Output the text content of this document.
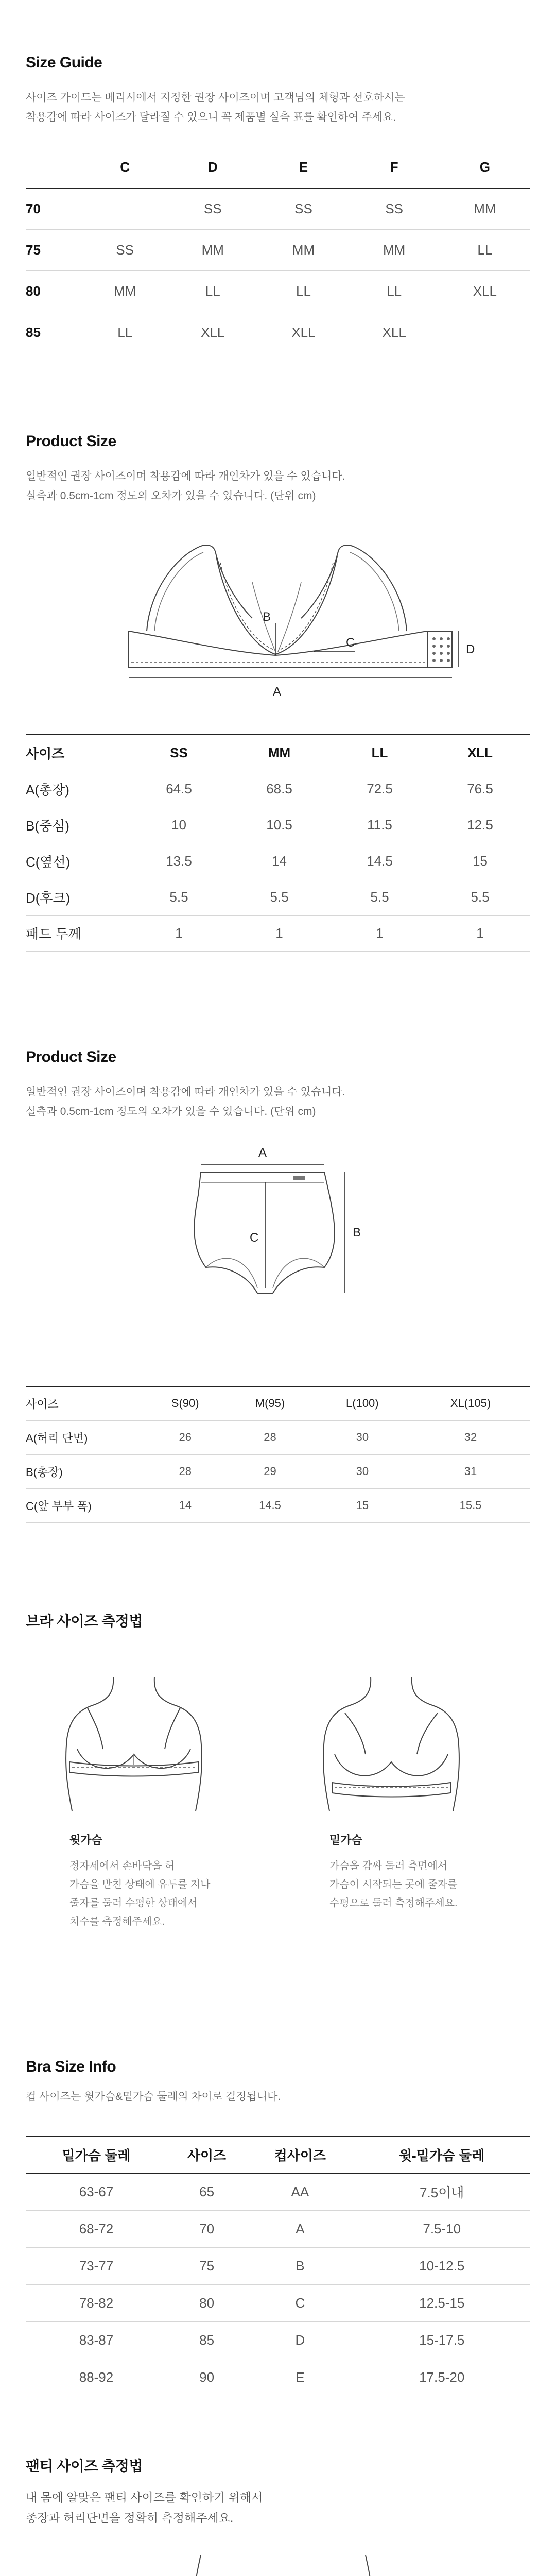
Size Guide
사이즈 가이드는 베리시에서 지정한 권장 사이즈이며 고객님의 체형과 선호하시는
착용감에 따라 사이즈가 달라질 수 있으니 꼭 제품별 실측 표를 확인하여 주세요.
	C	D	E	F	G
70		SS	SS	SS	MM
75	SS	MM	MM	MM	LL
80	MM	LL	LL	LL	XLL
85	LL	XLL	XLL	XLL	
Product Size
일반적인 권장 사이즈이며 착용감에 따라 개인차가 있을 수 있습니다.
실측과 0.5cm-1cm 정도의 오차가 있을 수 있습니다. (단위 cm)
A
B
C	D
사이즈	SS	MM	LL	XLL
A(총장)	64.5	68.5	72.5	76.5
B(중심)	10	10.5	11.5	12.5
C(옆선)	13.5	14	14.5	15
D(후크)	5.5	5.5	5.5	5.5
패드 두께	1	1	1	1
Product Size
일반적인 권장 사이즈이며 착용감에 따라 개인차가 있을 수 있습니다.
실측과 0.5cm-1cm 정도의 오차가 있을 수 있습니다. (단위 cm)
A
B
C
사이즈	S(90)	M(95)	L(100)	XL(105)
A(허리 단면)	26	28	30	32
B(총장)	28	29	30	31
C(앞 부부 폭)	14	14.5	15	15.5
브라 사이즈 측정법
윗가슴
정자세에서 손바닥을 허
가슴을 받친 상태에 유두를 지나
줄자를 둘러 수평한 상태에서
치수를 측정해주세요.
밑가슴
가슴을 감싸 둘러 측면에서
가슴이 시작되는 곳에 줄자를
수평으로 둘러 측정해주세요.
Bra Size Info
컵 사이즈는 윗가슴&밑가슴 둘레의 차이로 결정됩니다.
밑가슴 둘레	사이즈	컵사이즈	윗-밑가슴 둘레
63-67	65	AA	7.5이내
68-72	70	A	7.5-10
73-77	75	B	10-12.5
78-82	80	C	12.5-15
83-87	85	D	15-17.5
88-92	90	E	17.5-20
팬티 사이즈 측정법
내 몸에 알맞은 팬티 사이즈를 확인하기 위해서
종장과 허리단면을 정확히 측정해주세요.
